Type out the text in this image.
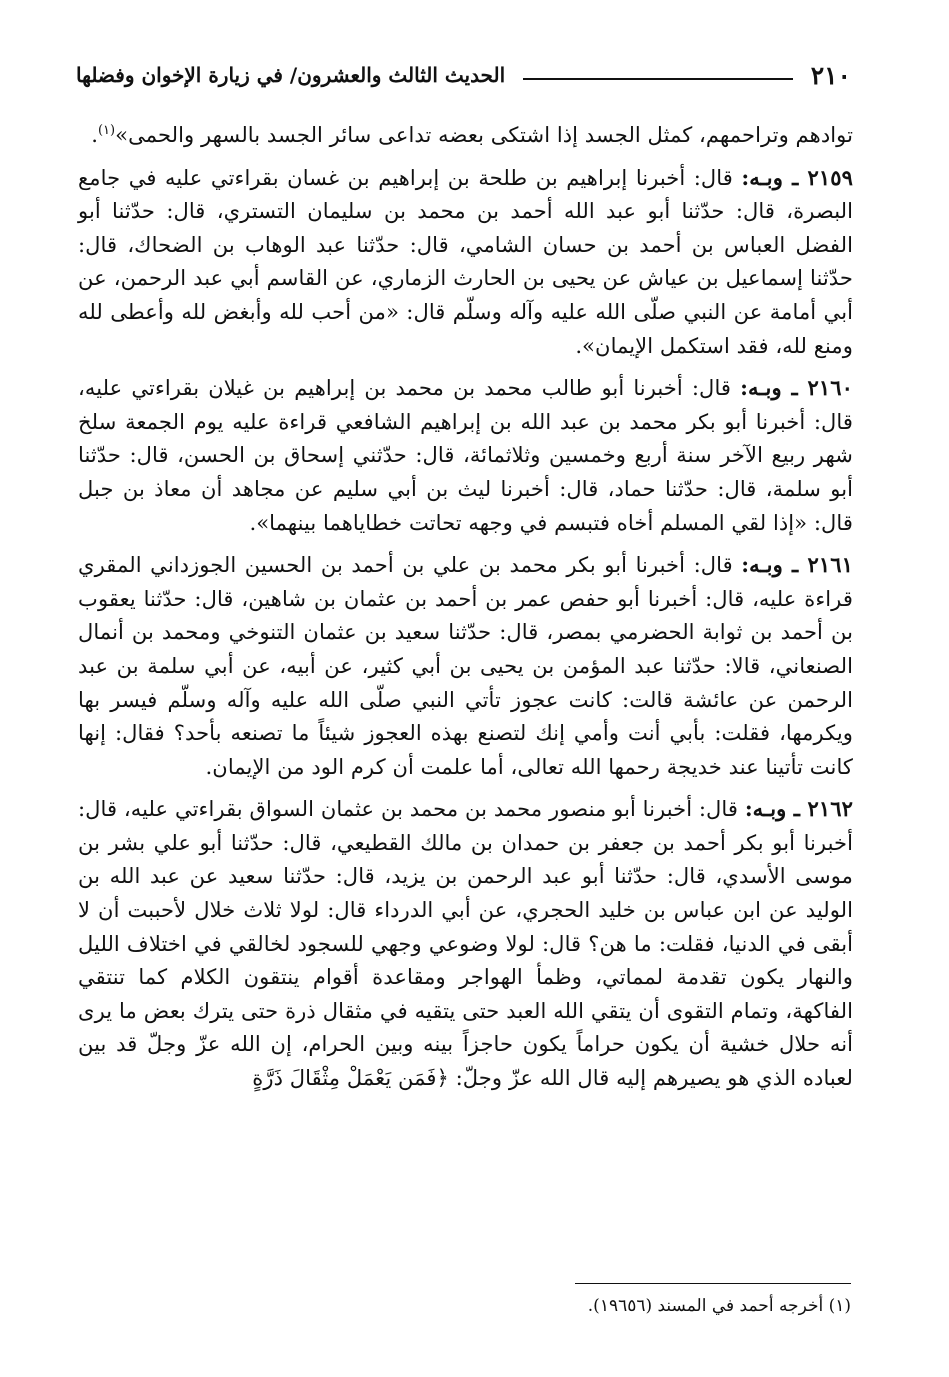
٢١٠
الحديث الثالث والعشرون/ في زيارة الإخوان وفضلها

توادهم وتراحمهم، كمثل الجسد إذا اشتكى بعضه تداعى سائر الجسد بالسهر والحمى»$^{(١)}$.

٢١٥٩ ـ وبـه: قال: أخبرنا إبراهيم بن طلحة بن إبراهيم بن غسان بقراءتي عليه في جامع البصرة، قال: حدّثنا أبو عبد الله أحمد بن محمد بن سليمان التستري، قال: حدّثنا أبو الفضل العباس بن أحمد بن حسان الشامي، قال: حدّثنا عبد الوهاب بن الضحاك، قال: حدّثنا إسماعيل بن عياش عن يحيى بن الحارث الزماري، عن القاسم أبي عبد الرحمن، عن أبي أمامة عن النبي صلّى الله عليه وآله وسلّم قال: «من أحب لله وأبغض لله وأعطى لله ومنع لله، فقد استكمل الإيمان».

٢١٦٠ ـ وبـه: قال: أخبرنا أبو طالب محمد بن محمد بن إبراهيم بن غيلان بقراءتي عليه، قال: أخبرنا أبو بكر محمد بن عبد الله بن إبراهيم الشافعي قراءة عليه يوم الجمعة سلخ شهر ربيع الآخر سنة أربع وخمسين وثلاثمائة، قال: حدّثني إسحاق بن الحسن، قال: حدّثنا أبو سلمة، قال: حدّثنا حماد، قال: أخبرنا ليث بن أبي سليم عن مجاهد أن معاذ بن جبل قال: «إذا لقي المسلم أخاه فتبسم في وجهه تحاتت خطاياهما بينهما».

٢١٦١ ـ وبـه: قال: أخبرنا أبو بكر محمد بن علي بن أحمد بن الحسين الجوزداني المقري قراءة عليه، قال: أخبرنا أبو حفص عمر بن أحمد بن عثمان بن شاهين، قال: حدّثنا يعقوب بن أحمد بن ثوابة الحضرمي بمصر، قال: حدّثنا سعيد بن عثمان التنوخي ومحمد بن أنمال الصنعاني، قالا: حدّثنا عبد المؤمن بن يحيى بن أبي كثير، عن أبيه، عن أبي سلمة بن عبد الرحمن عن عائشة قالت: كانت عجوز تأتي النبي صلّى الله عليه وآله وسلّم فيسر بها ويكرمها، فقلت: بأبي أنت وأمي إنك لتصنع بهذه العجوز شيئاً ما تصنعه بأحد؟ فقال: إنها كانت تأتينا عند خديجة رحمها الله تعالى، أما علمت أن كرم الود من الإيمان.

٢١٦٢ ـ وبـه: قال: أخبرنا أبو منصور محمد بن محمد بن عثمان السواق بقراءتي عليه، قال: أخبرنا أبو بكر أحمد بن جعفر بن حمدان بن مالك القطيعي، قال: حدّثنا أبو علي بشر بن موسى الأسدي، قال: حدّثنا أبو عبد الرحمن بن يزيد، قال: حدّثنا سعيد عن عبد الله بن الوليد عن ابن عباس بن خليد الحجري، عن أبي الدرداء قال: لولا ثلاث خلال لأحببت أن لا أبقى في الدنيا، فقلت: ما هن؟ قال: لولا وضوعي وجهي للسجود لخالقي في اختلاف الليل والنهار يكون تقدمة لمماتي، وظمأ الهواجر ومقاعدة أقوام ينتقون الكلام كما تنتقي الفاكهة، وتمام التقوى أن يتقي الله العبد حتى يتقيه في مثقال ذرة حتى يترك بعض ما يرى أنه حلال خشية أن يكون حراماً يكون حاجزاً بينه وبين الحرام، إن الله عزّ وجلّ قد بين لعباده الذي هو يصيرهم إليه قال الله عزّ وجلّ: ﴿فَمَن يَعْمَلْ مِثْقَالَ ذَرَّةٍ

(١) أخرجه أحمد في المسند (١٩٦٥٦).
